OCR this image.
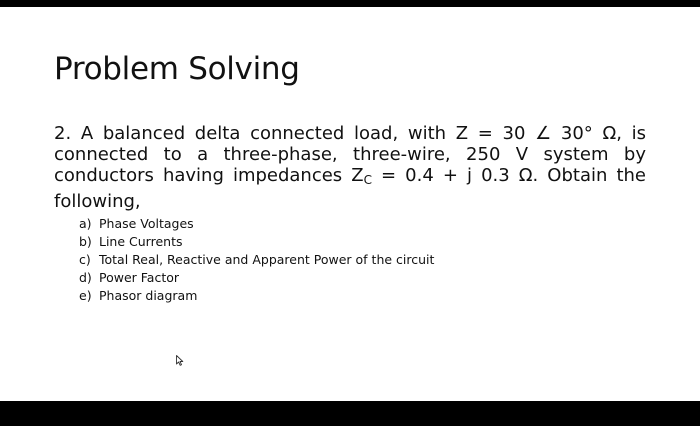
Problem Solving
2. A balanced delta connected load, with Z = 30 ∠ 30° Ω, is
connected to a three-phase, three-wire, 250 V system by
conductors having impedances $Z_C = 0.4 + j$ 0.3 Ω. Obtain the

following,
a) Phase Voltages
b) Line Currents
c) Total Real, Reactive and Apparent Power of the circuit
d) Power Factor
e) Phasor diagram
